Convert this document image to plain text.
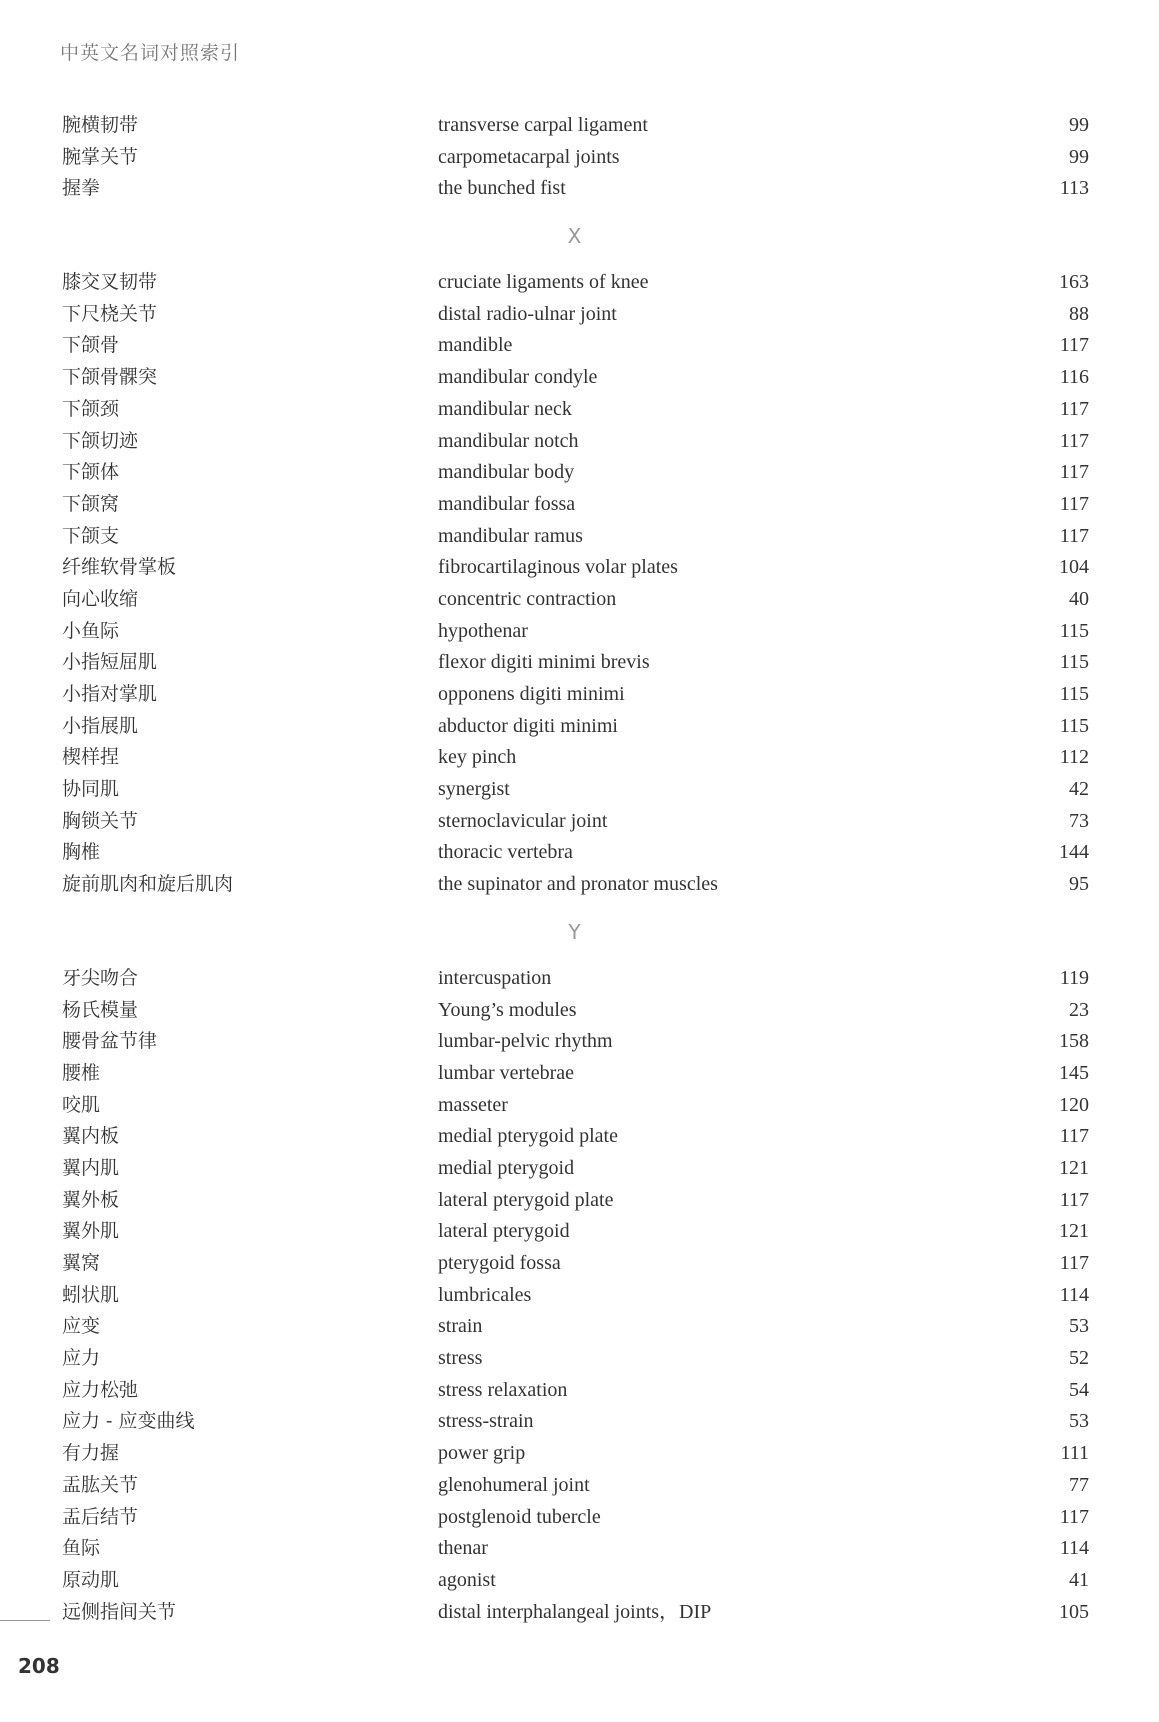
中英文名词对照索引
腕横韧带	transverse carpal ligament	99
腕掌关节	carpometacarpal joints	99
握拳	the bunched fist	113
X
膝交叉韧带	cruciate ligaments of knee	163
下尺桡关节	distal radio-ulnar joint	88
下颌骨	mandible	117
下颌骨髁突	mandibular condyle	116
下颌颈	mandibular neck	117
下颌切迹	mandibular notch	117
下颌体	mandibular body	117
下颌窝	mandibular fossa	117
下颌支	mandibular ramus	117
纤维软骨掌板	fibrocartilaginous volar plates	104
向心收缩	concentric contraction	40
小鱼际	hypothenar	115
小指短屈肌	flexor digiti minimi brevis	115
小指对掌肌	opponens digiti minimi	115
小指展肌	abductor digiti minimi	115
楔样捏	key pinch	112
协同肌	synergist	42
胸锁关节	sternoclavicular joint	73
胸椎	thoracic vertebra	144
旋前肌肉和旋后肌肉	the supinator and pronator muscles	95
Y
牙尖吻合	intercuspation	119
杨氏模量	Young’s modules	23
腰骨盆节律	lumbar-pelvic rhythm	158
腰椎	lumbar vertebrae	145
咬肌	masseter	120
翼内板	medial pterygoid plate	117
翼内肌	medial pterygoid	121
翼外板	lateral pterygoid plate	117
翼外肌	lateral pterygoid	121
翼窝	pterygoid fossa	117
蚓状肌	lumbricales	114
应变	strain	53
应力	stress	52
应力松弛	stress relaxation	54
应力 - 应变曲线	stress-strain	53
有力握	power grip	111
盂肱关节	glenohumeral joint	77
盂后结节	postglenoid tubercle	117
鱼际	thenar	114
原动肌	agonist	41
远侧指间关节	distal interphalangeal joints，DIP	105
208
